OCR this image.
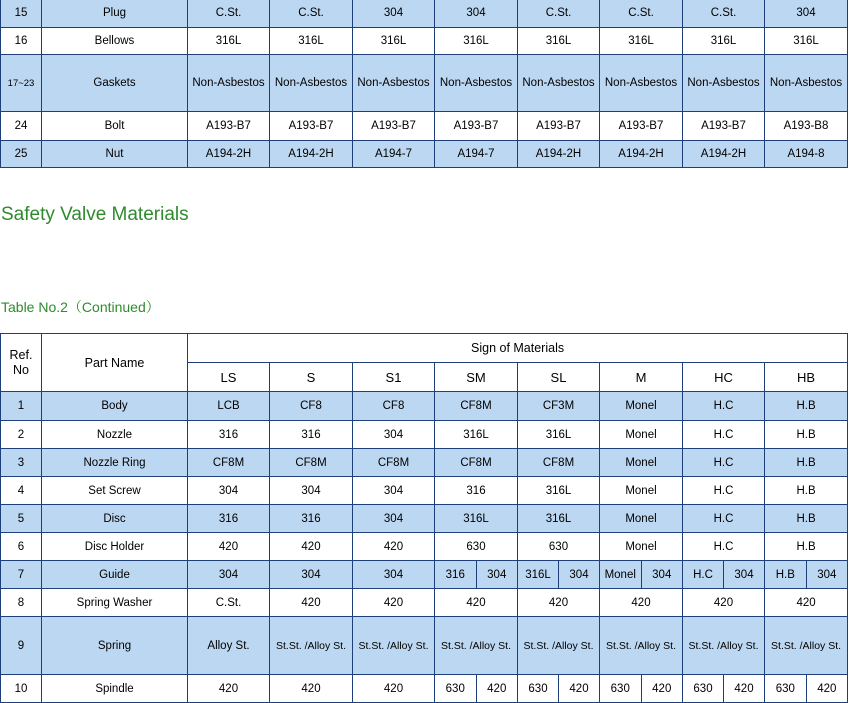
15	Plug	C.St.	C.St.	304	304	C.St.	C.St.	C.St.	304
16	Bellows	316L	316L	316L	316L	316L	316L	316L	316L
17~23	Gaskets	Non-Asbestos	Non-Asbestos	Non-Asbestos	Non-Asbestos	Non-Asbestos	Non-Asbestos	Non-Asbestos	Non-Asbestos
24	Bolt	A193-B7	A193-B7	A193-B7	A193-B7	A193-B7	A193-B7	A193-B7	A193-B8
25	Nut	A194-2H	A194-2H	A194-7	A194-7	A194-2H	A194-2H	A194-2H	A194-8
Safety Valve Materials
Table No.2（Continued）
Ref.
No	Part Name	Sign of Materials							
		LS	S	S1	SM	SL	M	HC	HB
1	Body	LCB	CF8	CF8	CF8M	CF3M	Monel	H.C	H.B
2	Nozzle	316	316	304	316L	316L	Monel	H.C	H.B
3	Nozzle Ring	CF8M	CF8M	CF8M	CF8M	CF8M	Monel	H.C	H.B
4	Set Screw	304	304	304	316	316L	Monel	H.C	H.B
5	Disc	316	316	304	316L	316L	Monel	H.C	H.B
6	Disc Holder	420	420	420	630	630	Monel	H.C	H.B
7	Guide	304	304	304	316 304	316L 304	Monel 304	H.C 304	H.B 304

8	Spring Washer	C.St.	420	420	420	420	420	420	420
9	Spring	Alloy St.	St.St. /Alloy St.	St.St. /Alloy St.	St.St. /Alloy St.	St.St. /Alloy St.	St.St. /Alloy St.	St.St. /Alloy St.	St.St. /Alloy St.
10	Spindle	420	420	420	630 420	630 420	630 420	630 420	630 420
